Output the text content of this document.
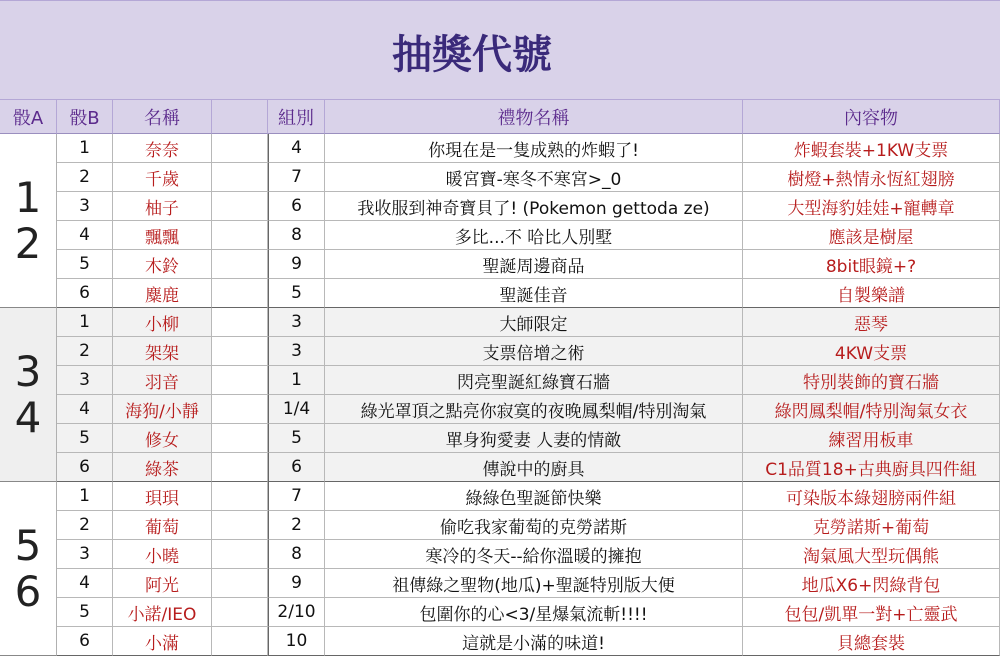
抽獎代號
骰A	骰B	名稱	組別	禮物名稱	內容物
1
2
3
4
5
6
1	奈奈	4	你現在是一隻成熟的炸蝦了!	炸蝦套裝+1KW支票
2	千歲	7	暖宮寶-寒冬不寒宮>_0	樹燈+熱情永恆紅翅膀
3	柚子	6	我收服到神奇寶貝了! (Pokemon gettoda ze)	大型海豹娃娃+寵轉章
4	飄飄	8	多比...不 哈比人別墅	應該是樹屋
5	木鈴	9	聖誕周邊商品	8bit眼鏡+?
6	麋鹿	5	聖誕佳音	自製樂譜
1	小柳	3	大師限定	惡琴
2	架架	3	支票倍增之術	4KW支票
3	羽音	1	閃亮聖誕紅綠寶石牆	特別裝飾的寶石牆
4	海狗/小靜	1/4	綠光罩頂之點亮你寂寞的夜晚鳳梨帽/特別淘氣	綠閃鳳梨帽/特別淘氣女衣
5	修女	5	單身狗愛妻 人妻的情敵	練習用板車
6	綠茶	6	傳說中的廚具	C1品質18+古典廚具四件組
1	珼珼	7	綠綠色聖誕節快樂	可染版本綠翅膀兩件組
2	葡萄	2	偷吃我家葡萄的克勞諾斯	克勞諾斯+葡萄
3	小曉	8	寒冷的冬天--給你溫暖的擁抱	淘氣風大型玩偶熊
4	阿光	9	祖傳綠之聖物(地瓜)+聖誕特別版大便	地瓜X6+閃綠背包
5	小諾/IEO	2/10	包圍你的心<3/星爆氣流斬!!!!	包包/凱單一對+亡靈武
6	小滿	10	這就是小滿的味道!	貝總套裝
